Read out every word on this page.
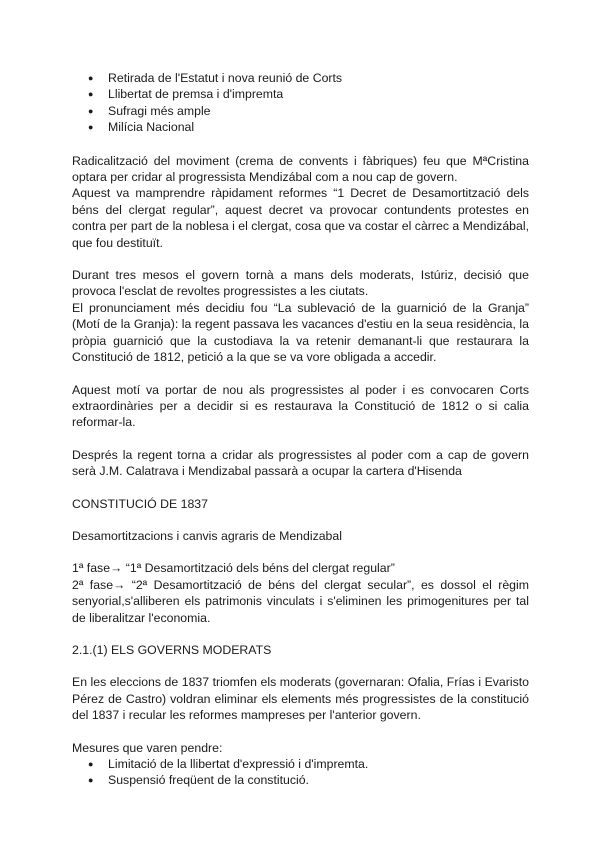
● Retirada de l'Estatut i nova reunió de Corts
● Llibertat de premsa i d'impremta
● Sufragi més ample
● Milícia Nacional

Radicalització del moviment (crema de convents i fàbriques) feu que MªCristina optara per cridar al progressista Mendizábal com a nou cap de govern.

Aquest va mamprendre ràpidament reformes “1 Decret de Desamortització dels béns del clergat regular”, aquest decret va provocar contundents protestes en contra per part de la noblesa i el clergat, cosa que va costar el càrrec a Mendizábal, que fou destituït.

Durant tres mesos el govern tornà a mans dels moderats, Istúriz, decisió que provoca l'esclat de revoltes progressistes a les ciutats.

El pronunciament més decidiu fou “La sublevació de la guarnició de la Granja” (Motí de la Granja): la regent passava les vacances d'estiu en la seua residència, la pròpia guarnició que la custodiava la va retenir demanant-li que restaurara la Constitució de 1812, petició a la que se va vore obligada a accedir.

Aquest motí va portar de nou als progressistes al poder i es convocaren Corts extraordinàries per a decidir si es restaurava la Constitució de 1812 o si calia reformar-la.

Després la regent torna a cridar als progressistes al poder com a cap de govern serà J.M. Calatrava i Mendizabal passarà a ocupar la cartera d'Hisenda

CONSTITUCIÓ DE 1837

Desamortitzacions i canvis agraris de Mendizabal

1ª fase→ “1ª Desamortització dels béns del clergat regular”

2ª fase→ “2ª Desamortització de béns del clergat secular”, es dossol el règim senyorial,s'alliberen els patrimonis vinculats i s'eliminen les primogenitures per tal de liberalitzar l'economia.

2.1.(1) ELS GOVERNS MODERATS

En les eleccions de 1837 triomfen els moderats (governaran: Ofalia, Frías i Evaristo Pérez de Castro) voldran eliminar els elements més progressistes de la constitució del 1837 i recular les reformes mampreses per l'anterior govern.

Mesures que varen pendre:

● Limitació de la llibertat d'expressió i d'impremta.
● Suspensió freqüent de la constitució.
